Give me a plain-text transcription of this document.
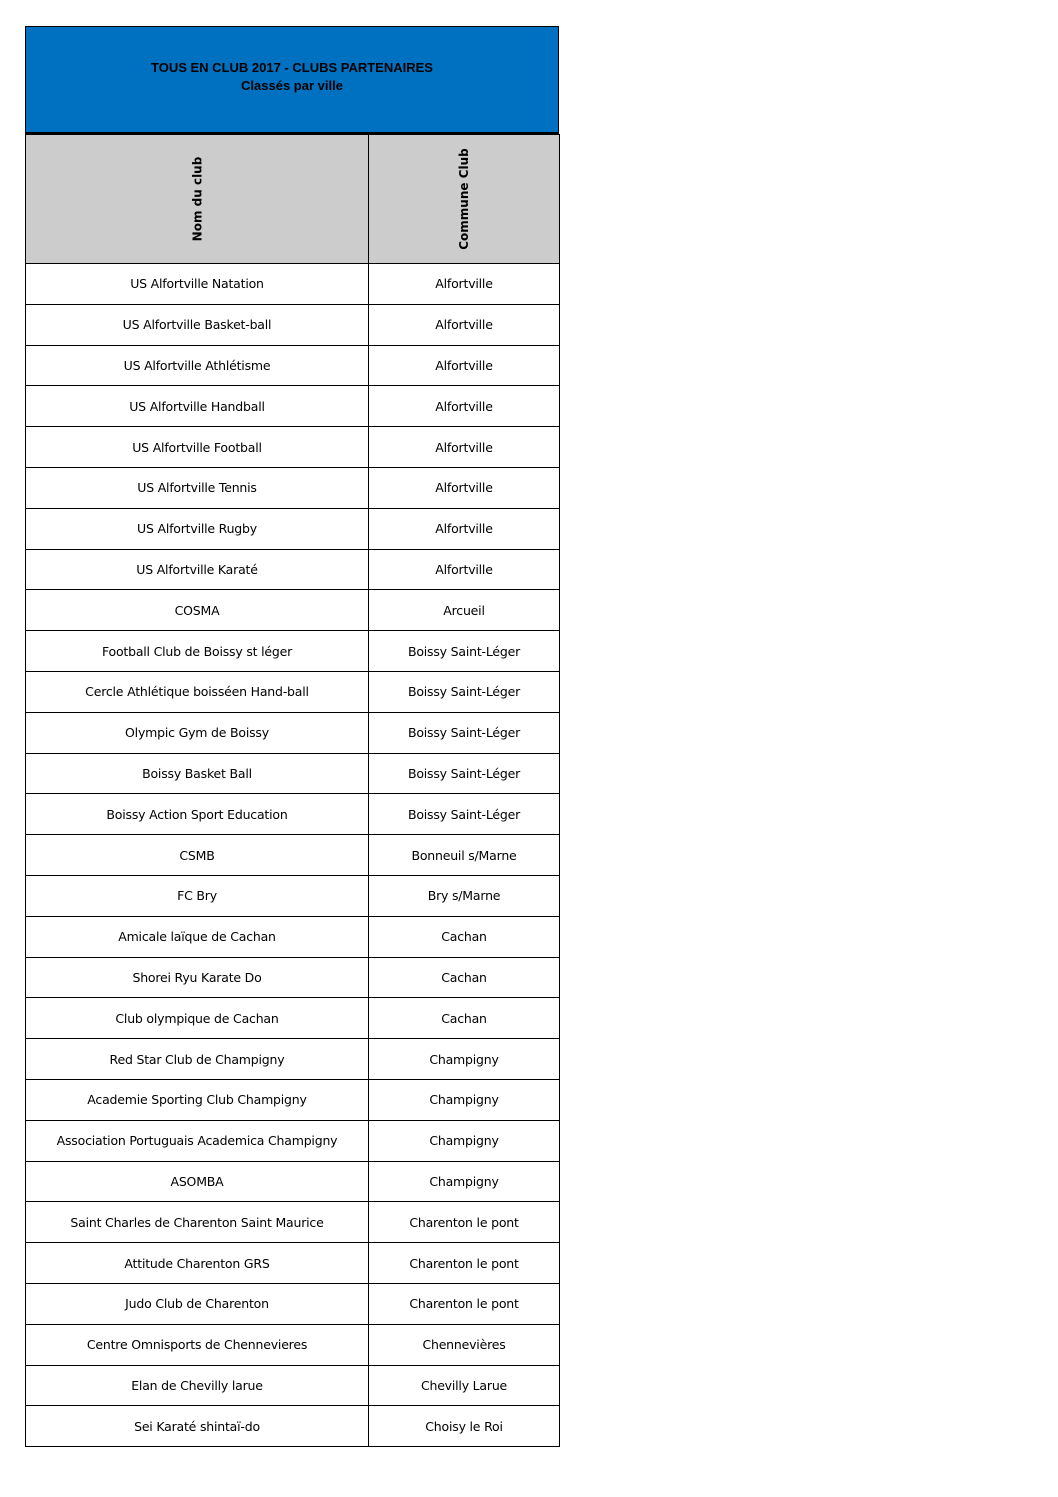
TOUS EN CLUB 2017 - CLUBS PARTENAIRES
Classés par ville
Nom du club	Commune Club
US Alfortville Natation	Alfortville
US Alfortville Basket-ball	Alfortville
US Alfortville Athlétisme	Alfortville
US Alfortville Handball	Alfortville
US Alfortville Football	Alfortville
US Alfortville Tennis	Alfortville
US Alfortville Rugby	Alfortville
US Alfortville Karaté	Alfortville
COSMA	Arcueil
Football Club de Boissy st léger	Boissy Saint-Léger
Cercle Athlétique boisséen Hand-ball	Boissy Saint-Léger
Olympic Gym de Boissy	Boissy Saint-Léger
Boissy Basket Ball	Boissy Saint-Léger
Boissy Action Sport Education	Boissy Saint-Léger
CSMB	Bonneuil s/Marne
FC Bry	Bry s/Marne
Amicale laïque de Cachan	Cachan
Shorei Ryu Karate Do	Cachan
Club olympique de Cachan	Cachan
Red Star Club de Champigny	Champigny
Academie Sporting Club Champigny	Champigny
Association Portuguais Academica Champigny	Champigny
ASOMBA	Champigny
Saint Charles de Charenton Saint Maurice	Charenton le pont
Attitude Charenton GRS	Charenton le pont
Judo Club de Charenton	Charenton le pont
Centre Omnisports de Chennevieres	Chennevières
Elan de Chevilly larue	Chevilly Larue
Sei Karaté shintaï-do	Choisy le Roi
